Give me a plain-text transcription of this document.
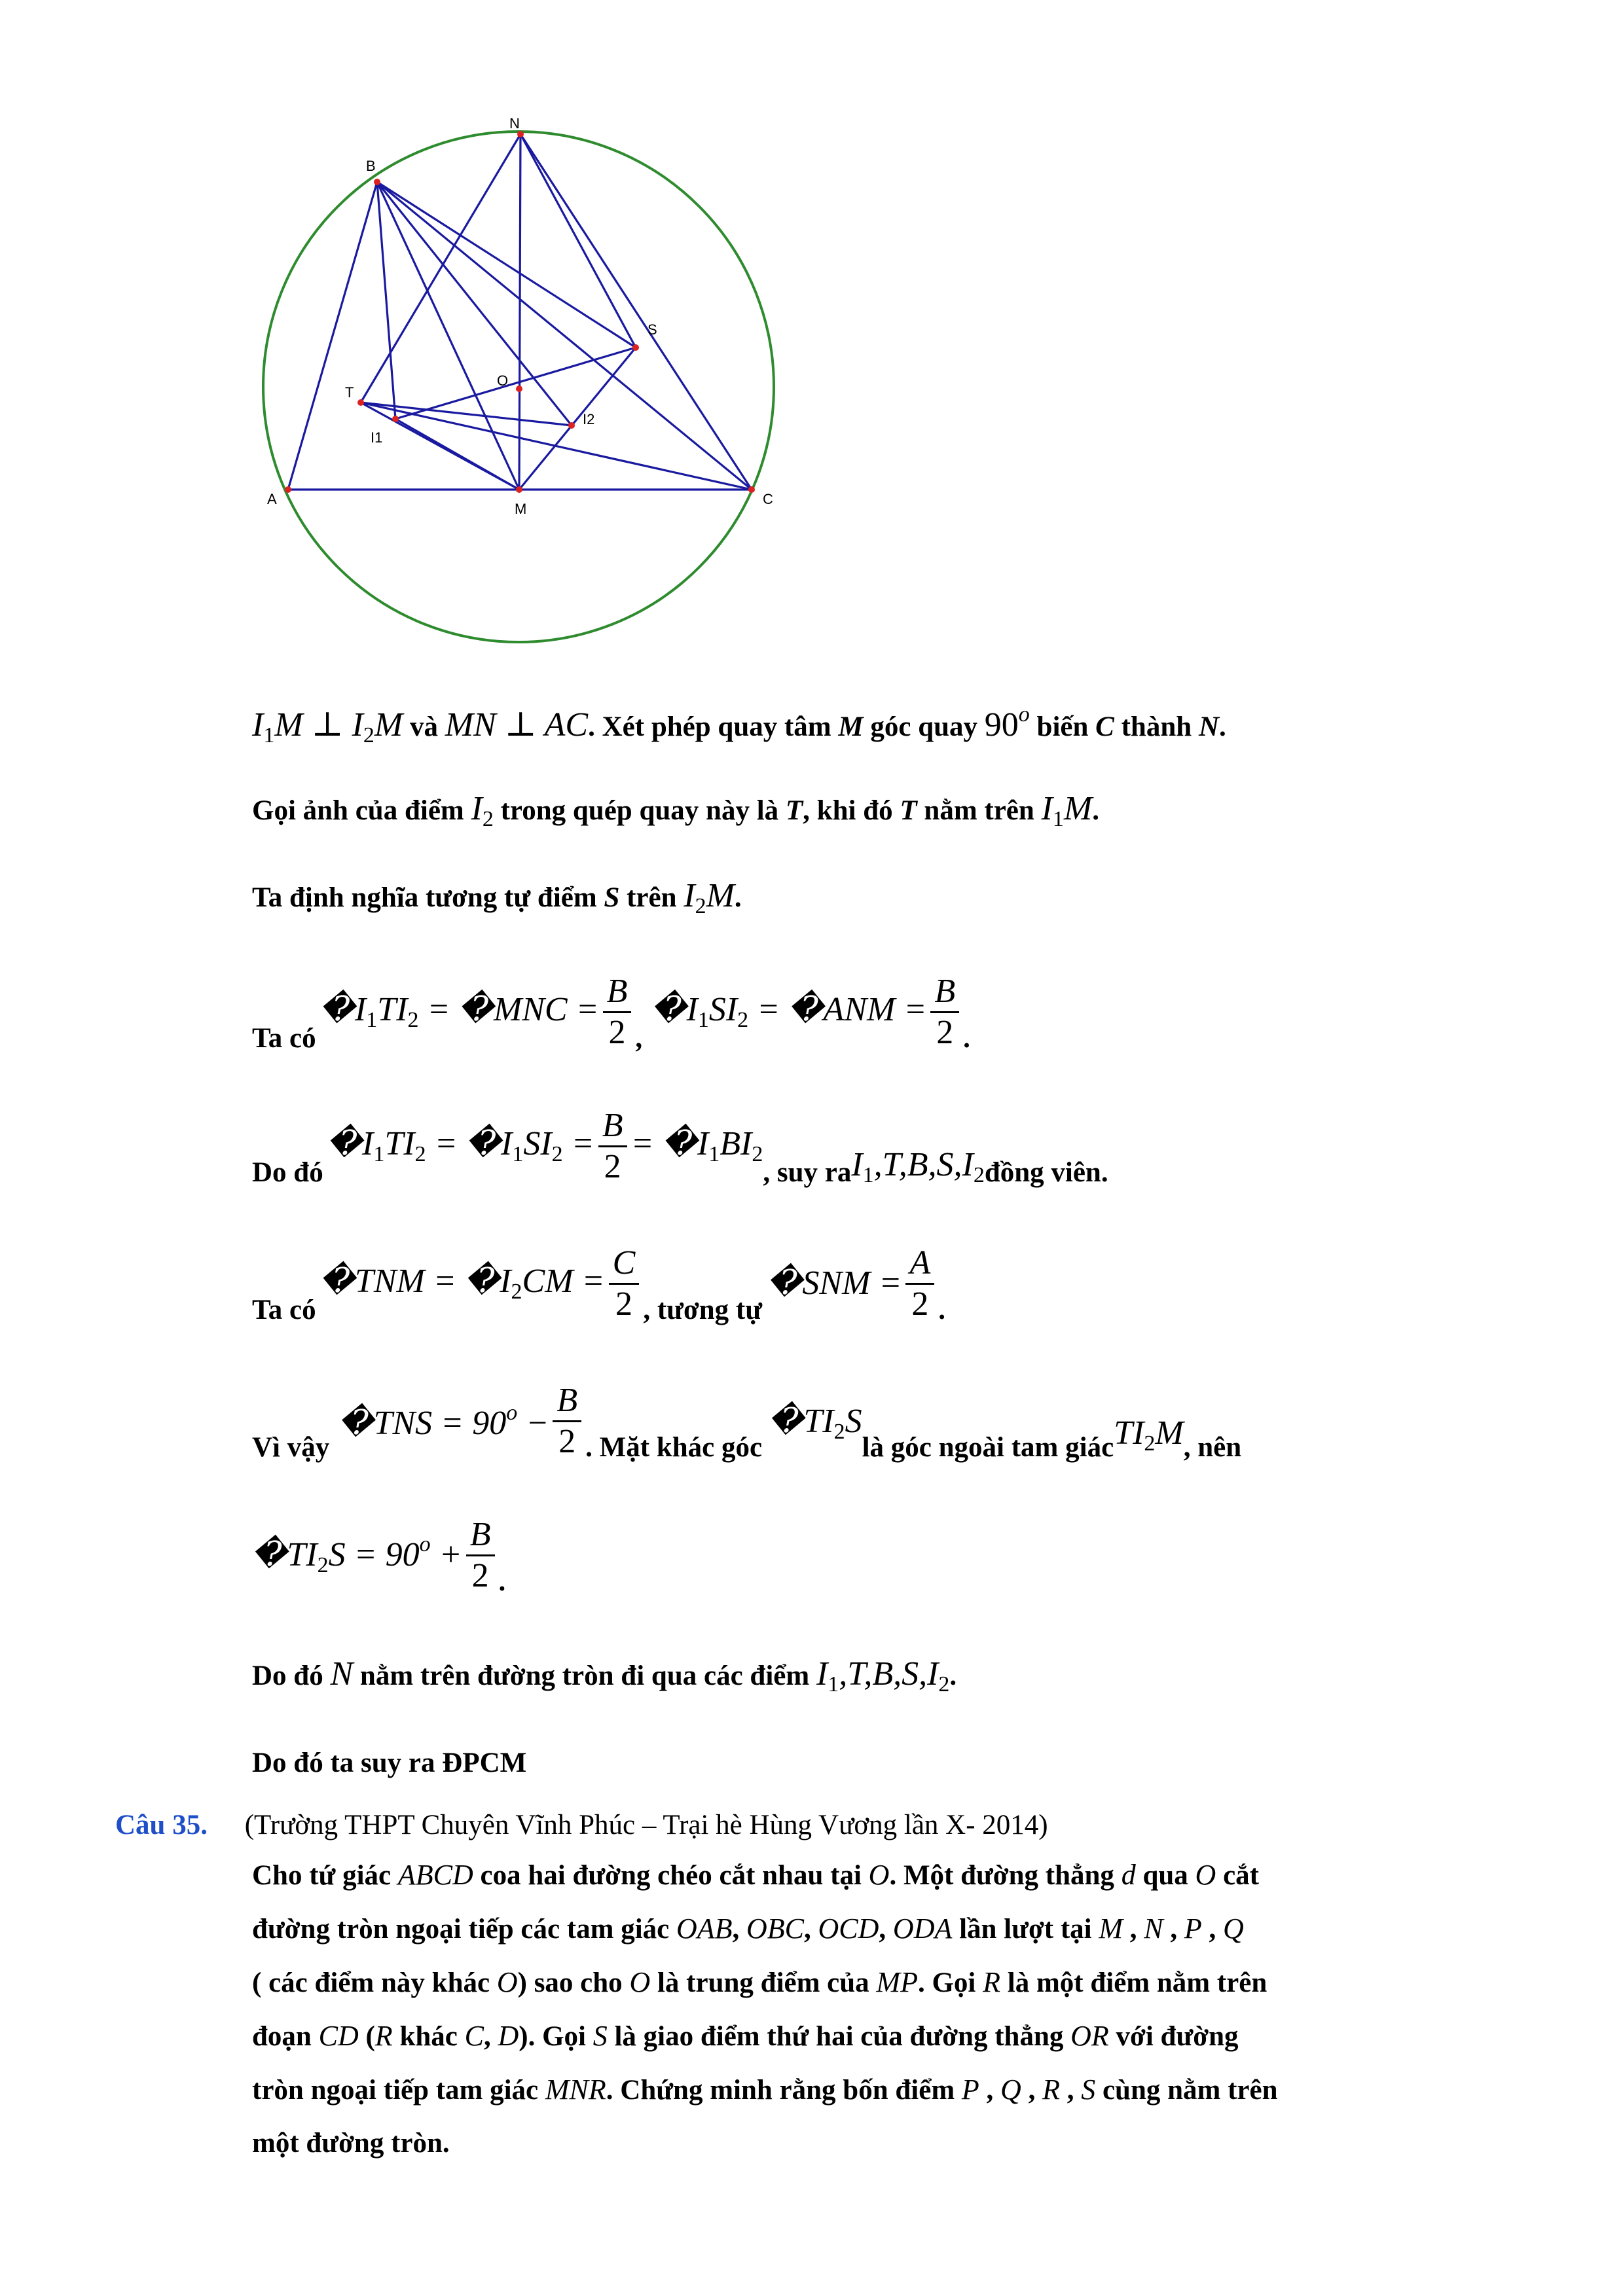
N
B
S
T
O
I1
I2
A
M
C
$I_1M$ ⊥ $I_2M$ và MN ⊥ AC. Xét phép quay tâm M góc quay 90$^o$ biến C thành N.
Gọi ảnh của điểm $I_2$ trong quép quay này là T, khi đó T nằm trên $I_1M$.
Ta định nghĩa tương tự điểm S trên $I_2M$.
Ta có
$�I_1TI_2$ = �MNC = $\frac{B}{2}$ ,
$�I_1SI_2$ = �ANM = $\frac{B}{2}$ .
Do đó
$�I_1TI_2$ = $�I_1SI_2 = \frac{B}{2}$ = $�I_1BI_2$
, suy ra $I_1,T,B,S,I_2$ đồng viên.
Ta có
�TNM = $�I_2CM = \frac{C}{2}$ , tương tự
�SNM = $\frac{A}{2}$ .
Vì vậy
�TNS = $90^o - \frac{B}{2}$ . Mặt khác góc
$�TI_2S$
là góc ngoài tam giác $TI_2M$ , nên
$�TI_2S = 90^o + \frac{B}{2}$ .
Do đó N nằm trên đường tròn đi qua các điểm $I_1,T,B,S,I_2$.
Do đó ta suy ra ĐPCM
Câu 35. (Trường THPT Chuyên Vĩnh Phúc – Trại hè Hùng Vương lần X- 2014)
Cho tứ giác ABCD coa hai đường chéo cắt nhau tại O. Một đường thẳng d qua O cắt
đường tròn ngoại tiếp các tam giác OAB, OBC, OCD, ODA lần lượt tại M , N , P , Q
( các điểm này khác O) sao cho O là trung điểm của MP. Gọi R là một điểm nằm trên
đoạn CD (R khác C, D). Gọi S là giao điểm thứ hai của đường thẳng OR với đường
tròn ngoại tiếp tam giác MNR. Chứng minh rằng bốn điểm P , Q , R , S cùng nằm trên
một đường tròn.
